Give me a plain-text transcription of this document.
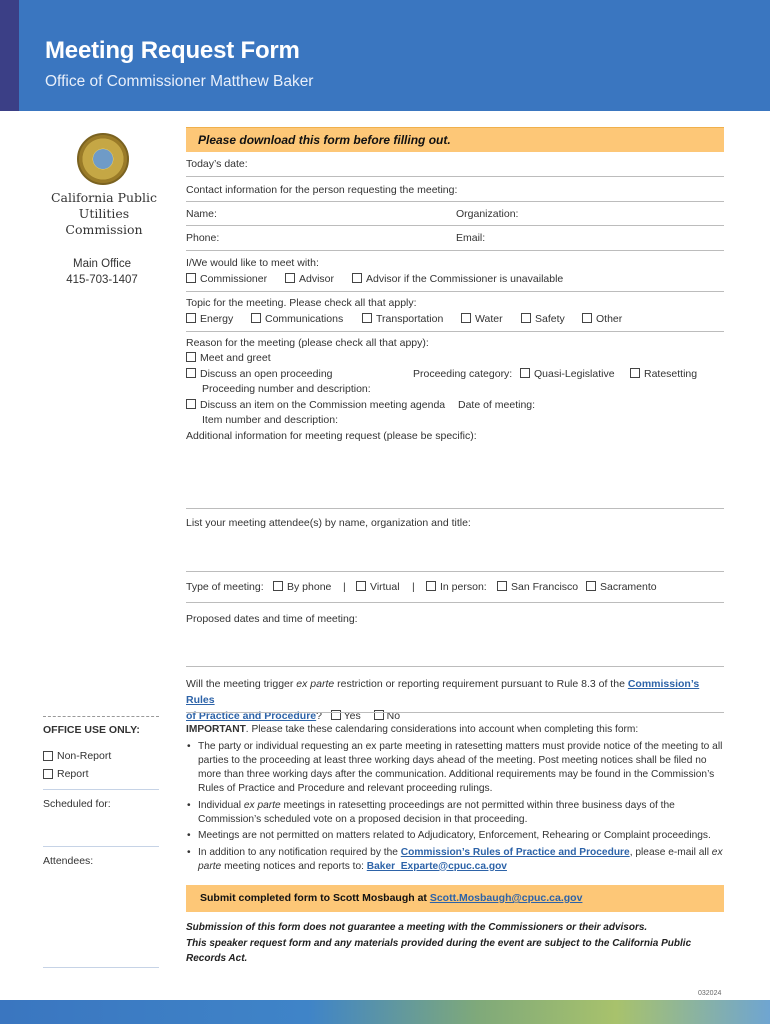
Meeting Request Form
Office of Commissioner Matthew Baker
California Public
Utilities Commission
Main Office
415-703-1407
OFFICE USE ONLY:
Non-Report
Report
Scheduled for:
Attendees:
Please download this form before filling out.
Today’s date:
Contact information for the person requesting the meeting:
Name:	Organization:
Phone:	Email:
I/We would like to meet with:
Commissioner	Advisor	Advisor if the Commissioner is unavailable
Topic for the meeting. Please check all that apply:
Energy	Communications	Transportation	Water	Safety	Other
Reason for the meeting (please check all that appy):
Meet and greet
Discuss an open proceeding	Proceeding category:	Quasi-Legislative	Ratesetting
Proceeding number and description:
Discuss an item on the Commission meeting agenda Date of meeting:
Item number and description:
Additional information for meeting request (please be specific):
List your meeting attendee(s) by name, organization and title:
Type of meeting:	By phone |	Virtual |	In person:	San Francisco	Sacramento
Proposed dates and time of meeting:
Will the meeting trigger ex parte restriction or reporting requirement pursuant to Rule 8.3 of the Commission’s Rules
of Practice and Procedure? Yes No
IMPORTANT. Please take these calendaring considerations into account when completing this form:
• The party or individual requesting an ex parte meeting in ratesetting matters must provide notice of the meeting to all parties to the proceeding at least three working days ahead of the meeting. Post meeting notices shall be filed no more than three working days after the communication. Additional requirements may be found in the Commission’s Rules of Practice and Procedure and relevant proceeding rulings.
• Individual ex parte meetings in ratesetting proceedings are not permitted within three business days of the Commission’s scheduled vote on a proposed decision in that proceeding.
• Meetings are not permitted on matters related to Adjudicatory, Enforcement, Rehearing or Complaint proceedings.
• In addition to any notification required by the Commission’s Rules of Practice and Procedure, please e-mail all ex parte meeting notices and reports to: Baker_Exparte@cpuc.ca.gov
Submit completed form to Scott Mosbaugh at Scott.Mosbaugh@cpuc.ca.gov
Submission of this form does not guarantee a meeting with the Commissioners or their advisors.
This speaker request form and any materials provided during the event are subject to the California Public Records Act.
032024
